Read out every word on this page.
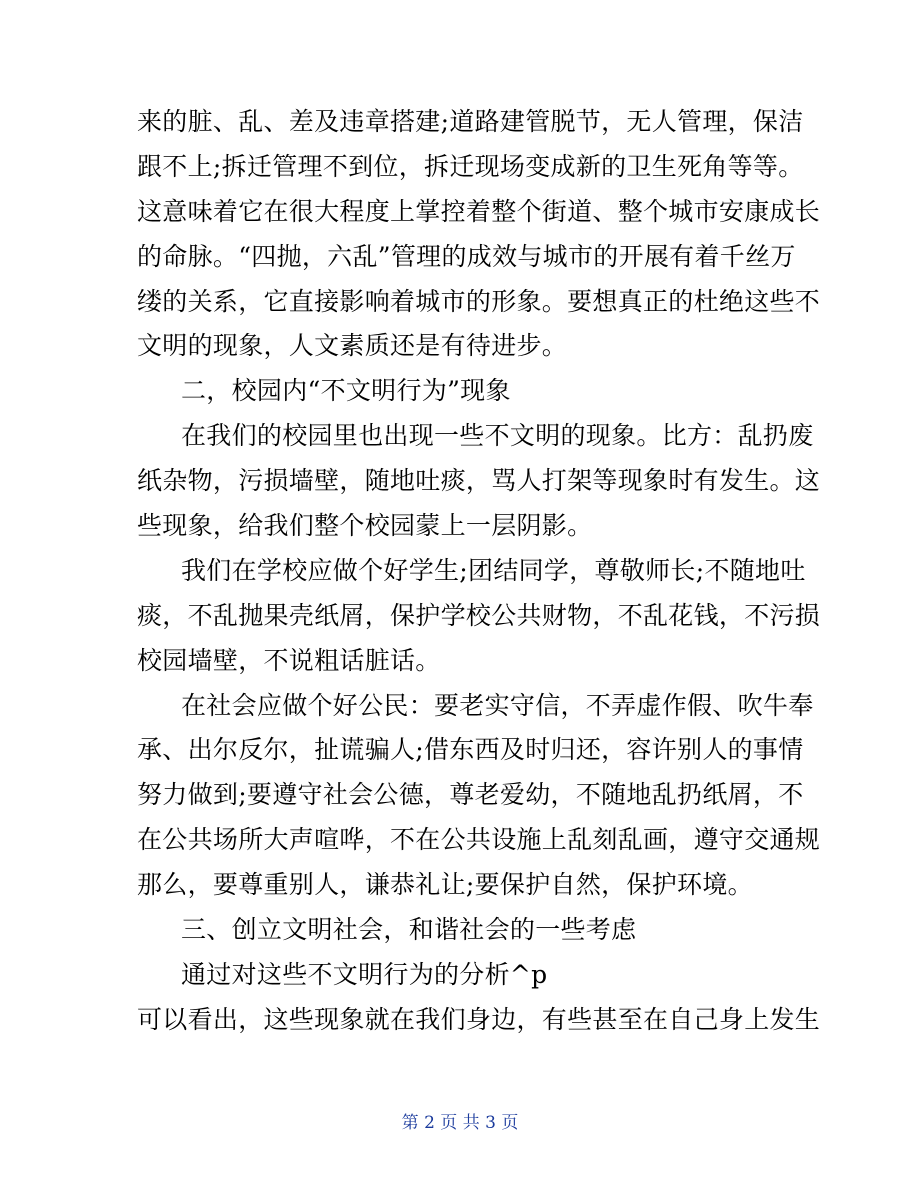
来的脏、乱、差及违章搭建;道路建管脱节，无人管理，保洁
跟不上;拆迁管理不到位，拆迁现场变成新的卫生死角等等。
这意味着它在很大程度上掌控着整个街道、整个城市安康成长
的命脉。“四抛，六乱”管理的成效与城市的开展有着千丝万
缕的关系，它直接影响着城市的形象。要想真正的杜绝这些不
文明的现象，人文素质还是有待进步。
二，校园内“不文明行为”现象
在我们的校园里也出现一些不文明的现象。比方：乱扔废
纸杂物，污损墙壁，随地吐痰，骂人打架等现象时有发生。这
些现象，给我们整个校园蒙上一层阴影。
我们在学校应做个好学生;团结同学，尊敬师长;不随地吐
痰，不乱抛果壳纸屑，保护学校公共财物，不乱花钱，不污损
校园墙壁，不说粗话脏话。
在社会应做个好公民：要老实守信，不弄虚作假、吹牛奉
承、出尔反尔，扯谎骗人;借东西及时归还，容许别人的事情
努力做到;要遵守社会公德，尊老爱幼，不随地乱扔纸屑，不
在公共场所大声喧哗，不在公共设施上乱刻乱画，遵守交通规
那么，要尊重别人，谦恭礼让;要保护自然，保护环境。
三、创立文明社会，和谐社会的一些考虑
通过对这些不文明行为的分析^p
可以看出，这些现象就在我们身边，有些甚至在自己身上发生
第 2 页 共 3 页
